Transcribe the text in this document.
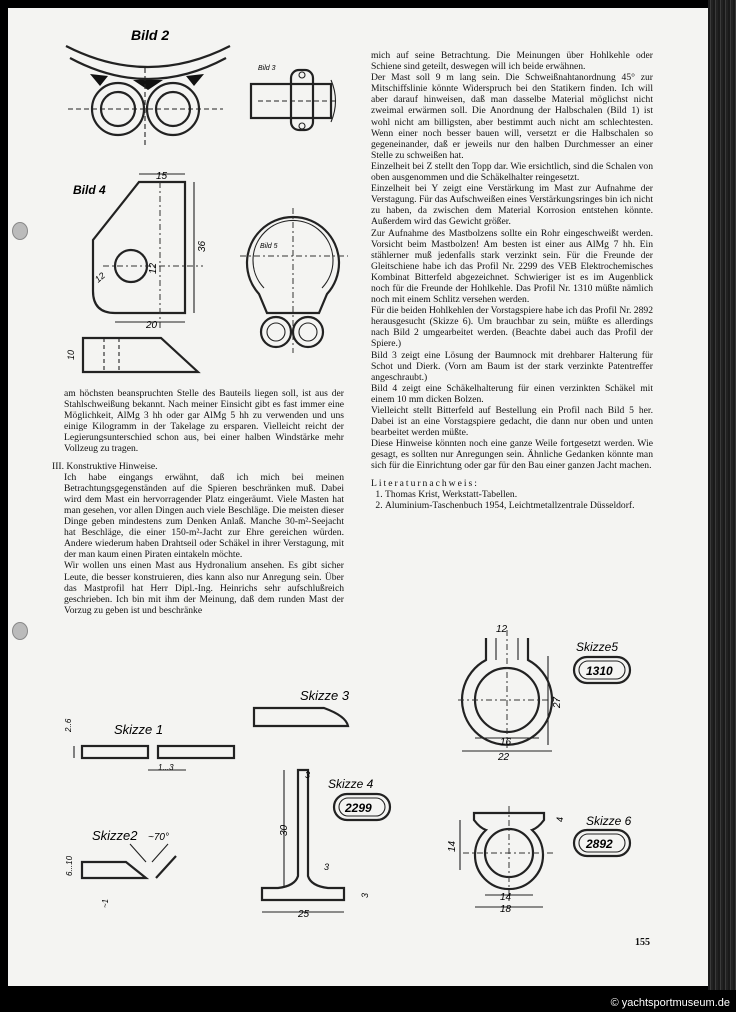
Bild 2
Bild 3
15
36
12
12
20
10
Bild 4
Bild 5

am höchsten beanspruchten Stelle des Bauteils liegen soll, ist aus der Stahlschweißung bekannt. Nach meiner Einsicht gibt es fast immer eine Möglichkeit, AlMg 3 hh oder gar AlMg 5 hh zu verwenden und uns einige Kilogramm in der Takelage zu ersparen. Vielleicht reicht der Legierungsunterschied schon aus, bei einer halben Windstärke mehr Vollzeug zu tragen.

III. Konstruktive Hinweise.

Ich habe eingangs erwähnt, daß ich mich bei meinen Betrachtungsgegenständen auf die Spieren beschränken muß. Dabei wird dem Mast ein hervorragender Platz eingeräumt. Viele Masten hat man gesehen, vor allen Dingen auch viele Beschläge. Die meisten dieser Dinge geben mindestens zum Denken Anlaß. Manche 30-m²-Seejacht hat Beschläge, die einer 150-m²-Jacht zur Ehre gereichen würden. Andere wiederum haben Drahtseil oder Schäkel in ihrer Verstagung, mit der man kaum einen Piraten eintakeln möchte.

Wir wollen uns einen Mast aus Hydronalium ansehen. Es gibt sicher Leute, die besser konstruieren, dies kann also nur Anregung sein. Über das Mastprofil hat Herr Dipl.-Ing. Heinrichs sehr aufschlußreich geschrieben. Ich bin mit ihm der Meinung, daß dem runden Mast der Vorzug zu geben ist und beschränke

mich auf seine Betrachtung. Die Meinungen über Hohlkehle oder Schiene sind geteilt, deswegen will ich beide erwähnen.

Der Mast soll 9 m lang sein. Die Schweißnahtanordnung 45° zur Mitschiffslinie könnte Widerspruch bei den Statikern finden. Ich will aber darauf hinweisen, daß man dasselbe Material möglichst nicht zweimal erwärmen soll. Die Anordnung der Halbschalen (Bild 1) ist wohl nicht am billigsten, aber bestimmt auch nicht am schlechtesten. Wenn einer noch besser bauen will, versetzt er die Halbschalen so gegeneinander, daß er jeweils nur den halben Durchmesser an einer Stelle zu schweißen hat.

Einzelheit bei Z stellt den Topp dar. Wie ersichtlich, sind die Schalen von oben ausgenommen und die Schäkelhalter reingesetzt.

Einzelheit bei Y zeigt eine Verstärkung im Mast zur Aufnahme der Verstagung. Für das Aufschweißen eines Verstärkungsringes bin ich nicht zu haben, da zwischen dem Material Korrosion entstehen könnte. Außerdem wird das Gewicht größer.

Zur Aufnahme des Mastbolzens sollte ein Rohr eingeschweißt werden. Vorsicht beim Mastbolzen! Am besten ist einer aus AlMg 7 hh. Ein stählerner muß jedenfalls stark verzinkt sein. Für die Freunde der Gleitschiene habe ich das Profil Nr. 2299 des VEB Elektrochemisches Kombinat Bitterfeld abgezeichnet. Schwieriger ist es im Augenblick noch für die Freunde der Hohlkehle. Das Profil Nr. 1310 müßte nämlich noch mit einem Schlitz versehen werden.

Für die beiden Hohlkehlen der Vorstagspiere habe ich das Profil Nr. 2892 herausgesucht (Skizze 6). Um brauchbar zu sein, müßte es allerdings nach Bild 2 umgearbeitet werden. (Beachte dabei auch das Profil der Spiere.)

Bild 3 zeigt eine Lösung der Baumnock mit drehbarer Halterung für Schot und Dierk. (Vorn am Baum ist der stark verzinkte Patentreffer angeschraubt.)

Bild 4 zeigt eine Schäkelhalterung für einen verzinkten Schäkel mit einem 10 mm dicken Bolzen.

Vielleicht stellt Bitterfeld auf Bestellung ein Profil nach Bild 5 her. Dabei ist an eine Vorstagspiere gedacht, die dann nur oben und unten bearbeitet werden müßte.

Diese Hinweise könnten noch eine ganze Weile fortgesetzt werden. Wie gesagt, es sollten nur Anregungen sein. Ähnliche Gedanken könnte man sich für die Einrichtung oder gar für den Bau einer ganzen Jacht machen.

Literaturnachweis:

1. Thomas Krist, Werkstatt-Tabellen.
2. Aluminium-Taschenbuch 1954, Leichtmetallzentrale Düsseldorf.
Skizze 1
2..6
1...3
Skizze2 ~70°
6...10
~1
Skizze 3
Skizze 4
2299
3
30
3
3
25
Skizze5
1310
12
27
16
22
Skizze 6
2892
4
14
14
18
155
© yachtsportmuseum.de
